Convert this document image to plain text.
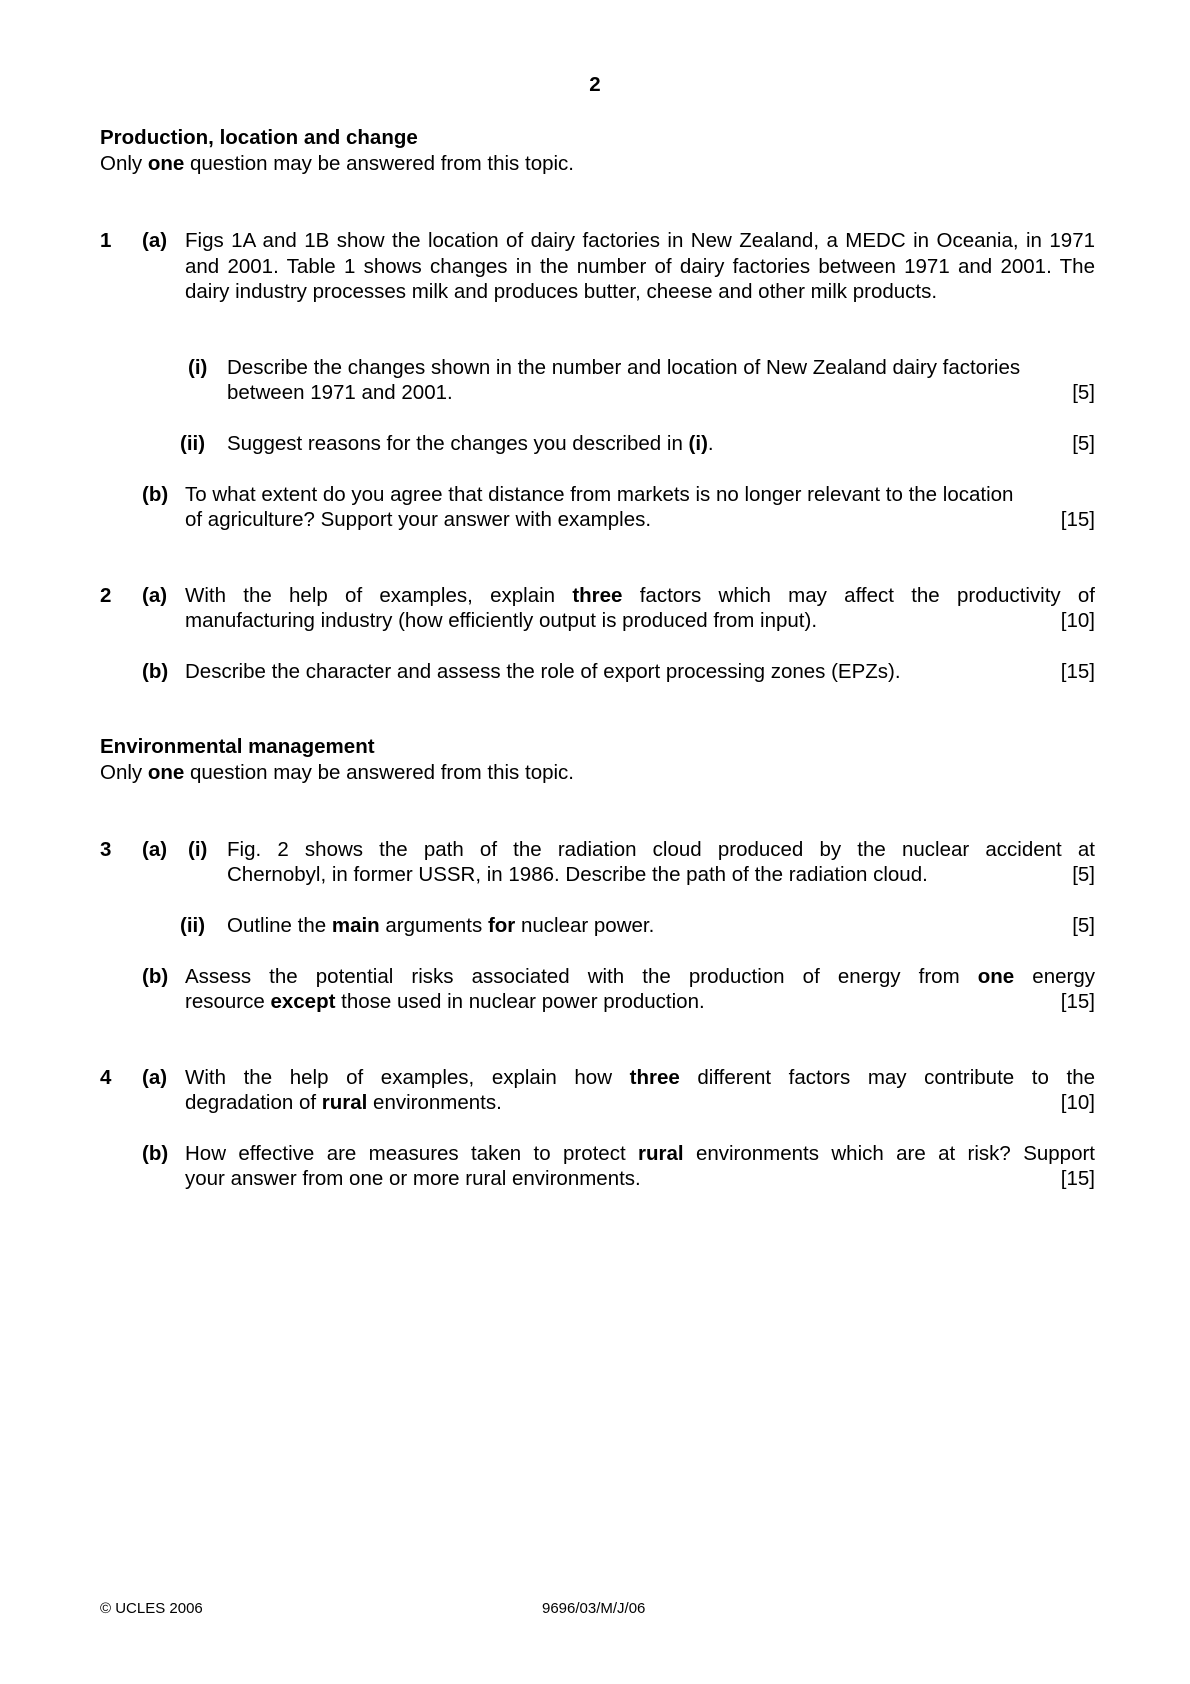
2
Production, location and change
Only one question may be answered from this topic.
1 (a) Figs 1A and 1B show the location of dairy factories in New Zealand, a MEDC in Oceania, in 1971 and 2001. Table 1 shows changes in the number of dairy factories between 1971 and 2001. The dairy industry processes milk and produces butter, cheese and other milk products.
(i) Describe the changes shown in the number and location of New Zealand dairy factories
between 1971 and 2001.	[5]
(ii) Suggest reasons for the changes you described in (i).	[5]
(b) To what extent do you agree that distance from markets is no longer relevant to the location
of agriculture? Support your answer with examples.	[15]
2 (a) With the help of examples, explain three factors which may affect the productivity of
manufacturing industry (how efficiently output is produced from input).	[10]
(b) Describe the character and assess the role of export processing zones (EPZs).	[15]
Environmental management
Only one question may be answered from this topic.
3 (a) (i) Fig. 2 shows the path of the radiation cloud produced by the nuclear accident at
Chernobyl, in former USSR, in 1986. Describe the path of the radiation cloud.	[5]
(ii) Outline the main arguments for nuclear power.	[5]
(b) Assess the potential risks associated with the production of energy from one energy
resource except those used in nuclear power production.	[15]
4 (a) With the help of examples, explain how three different factors may contribute to the
degradation of rural environments.	[10]
(b) How effective are measures taken to protect rural environments which are at risk? Support
your answer from one or more rural environments.	[15]
© UCLES 2006	9696/03/M/J/06
